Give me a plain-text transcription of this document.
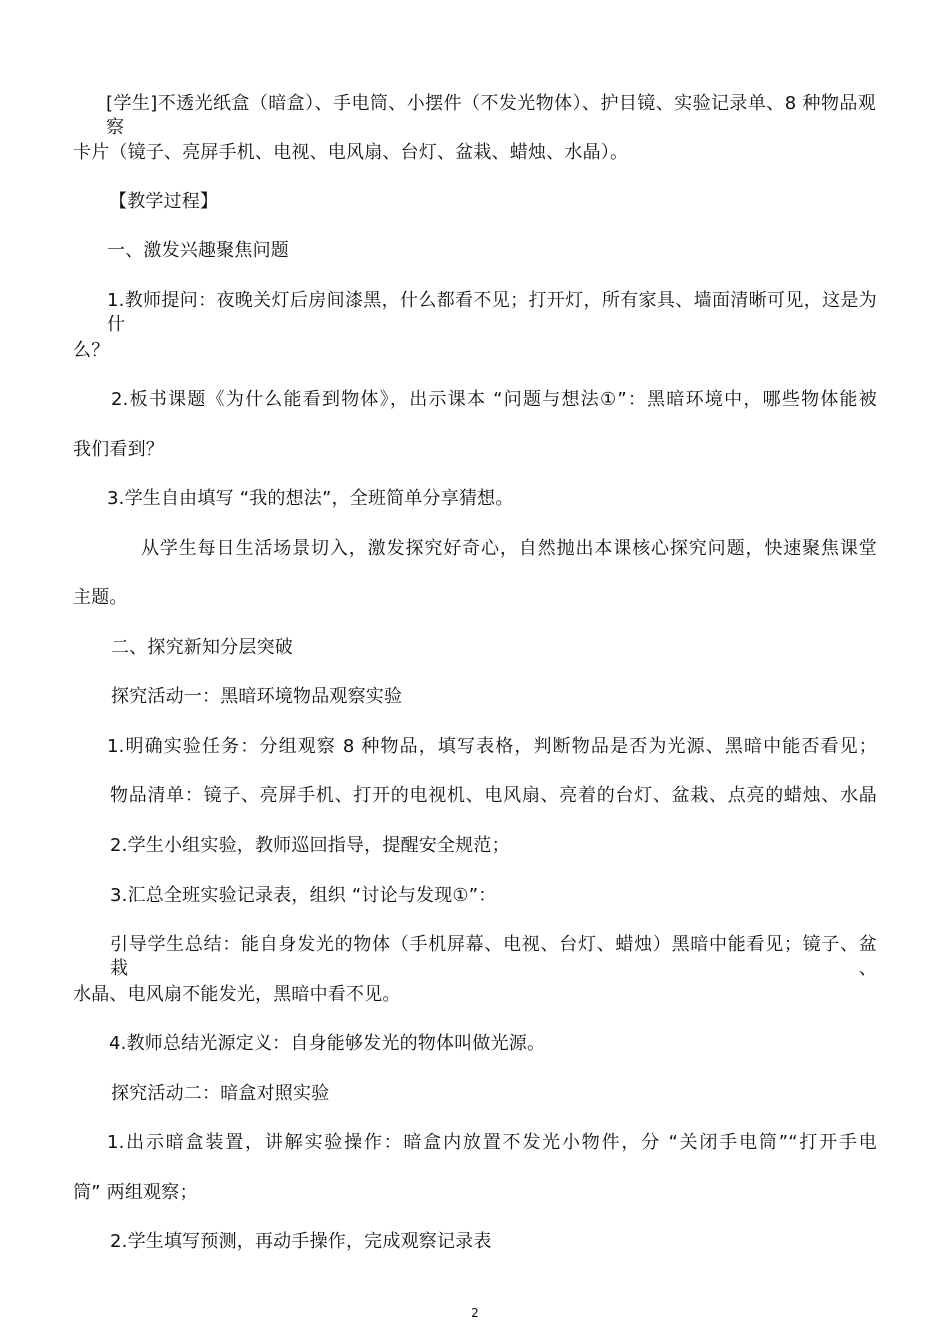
[学生]不透光纸盒（暗盒）、手电筒、小摆件（不发光物体）、护目镜、实验记录单、8 种物品观察
卡片（镜子、亮屏手机、电视、电风扇、台灯、盆栽、蜡烛、水晶）。
【教学过程】
一、激发兴趣聚焦问题
1.教师提问：夜晚关灯后房间漆黑，什么都看不见；打开灯，所有家具、墙面清晰可见，这是为什
么？
2.板书课题《为什么能看到物体》，出示课本 “问题与想法①”：黑暗环境中，哪些物体能被
我们看到？
3.学生自由填写 “我的想法”，全班简单分享猜想。
从学生每日生活场景切入，激发探究好奇心，自然抛出本课核心探究问题，快速聚焦课堂
主题。
二、探究新知分层突破
探究活动一：黑暗环境物品观察实验
1.明确实验任务：分组观察 8 种物品，填写表格，判断物品是否为光源、黑暗中能否看见；
物品清单：镜子、亮屏手机、打开的电视机、电风扇、亮着的台灯、盆栽、点亮的蜡烛、水晶
2.学生小组实验，教师巡回指导，提醒安全规范；
3.汇总全班实验记录表，组织 “讨论与发现①”：
引导学生总结：能自身发光的物体（手机屏幕、电视、台灯、蜡烛）黑暗中能看见；镜子、盆栽、
水晶、电风扇不能发光，黑暗中看不见。
4.教师总结光源定义：自身能够发光的物体叫做光源。
探究活动二：暗盒对照实验
1.出示暗盒装置，讲解实验操作：暗盒内放置不发光小物件，分 “关闭手电筒”“打开手电
筒” 两组观察；
2.学生填写预测，再动手操作，完成观察记录表
2
